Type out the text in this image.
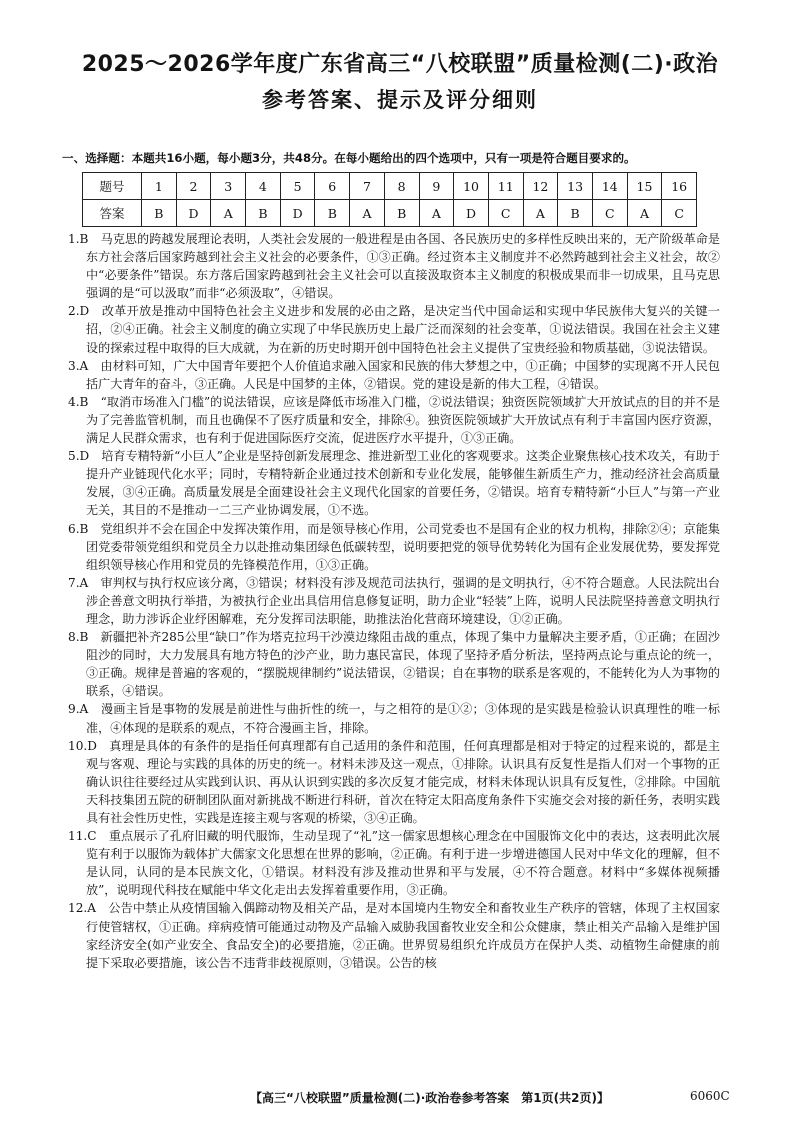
2025～2026学年度广东省高三“八校联盟”质量检测(二)·政治
参考答案、提示及评分细则
一、选择题：本题共16小题，每小题3分，共48分。在每小题给出的四个选项中，只有一项是符合题目要求的。
题号	1	2	3	4	5	6	7	8	9	10	11	12	13	14	15	16
答案	B	D	A	B	D	B	A	B	A	D	C	A	B	C	A	C

1.B　马克思的跨越发展理论表明，人类社会发展的一般进程是由各国、各民族历史的多样性反映出来的，无产阶级革命是东方社会落后国家跨越到社会主义社会的必要条件，①③正确。经过资本主义制度并不必然跨越到社会主义社会，故②中“必要条件”错误。东方落后国家跨越到社会主义社会可以直接汲取资本主义制度的积极成果而非一切成果，且马克思强调的是“可以汲取”而非“必须汲取”，④错误。

2.D　改革开放是推动中国特色社会主义进步和发展的必由之路，是决定当代中国命运和实现中华民族伟大复兴的关键一招，②④正确。社会主义制度的确立实现了中华民族历史上最广泛而深刻的社会变革，①说法错误。我国在社会主义建设的探索过程中取得的巨大成就，为在新的历史时期开创中国特色社会主义提供了宝贵经验和物质基础，③说法错误。

3.A　由材料可知，广大中国青年要把个人价值追求融入国家和民族的伟大梦想之中，①正确；中国梦的实现离不开人民包括广大青年的奋斗，③正确。人民是中国梦的主体，②错误。党的建设是新的伟大工程，④错误。

4.B　“取消市场准入门槛”的说法错误，应该是降低市场准入门槛，②说法错误；独资医院领域扩大开放试点的目的并不是为了完善监管机制，而且也确保不了医疗质量和安全，排除④。独资医院领域扩大开放试点有利于丰富国内医疗资源，满足人民群众需求，也有利于促进国际医疗交流，促进医疗水平提升，①③正确。

5.D　培育专精特新“小巨人”企业是坚持创新发展理念、推进新型工业化的客观要求。这类企业聚焦核心技术攻关，有助于提升产业链现代化水平；同时，专精特新企业通过技术创新和专业化发展，能够催生新质生产力，推动经济社会高质量发展，③④正确。高质量发展是全面建设社会主义现代化国家的首要任务，②错误。培育专精特新“小巨人”与第一产业无关，其目的不是推动一二三产业协调发展，①不选。

6.B　党组织并不会在国企中发挥决策作用，而是领导核心作用，公司党委也不是国有企业的权力机构，排除②④；京能集团党委带领党组织和党员全力以赴推动集团绿色低碳转型，说明要把党的领导优势转化为国有企业发展优势，要发挥党组织领导核心作用和党员的先锋模范作用，①③正确。

7.A　审判权与执行权应该分离，③错误；材料没有涉及规范司法执行，强调的是文明执行，④不符合题意。人民法院出台涉企善意文明执行举措，为被执行企业出具信用信息修复证明，助力企业“轻装”上阵，说明人民法院坚持善意文明执行理念，助力涉诉企业纾困解难，充分发挥司法职能，助推法治化营商环境建设，①②正确。

8.B　新疆把补齐285公里“缺口”作为塔克拉玛干沙漠边缘阻击战的重点，体现了集中力量解决主要矛盾，①正确；在固沙阻沙的同时，大力发展具有地方特色的沙产业，助力惠民富民，体现了坚持矛盾分析法，坚持两点论与重点论的统一，③正确。规律是普遍的客观的，“摆脱规律制约”说法错误，②错误；自在事物的联系是客观的，不能转化为人为事物的联系，④错误。

9.A　漫画主旨是事物的发展是前进性与曲折性的统一，与之相符的是①②；③体现的是实践是检验认识真理性的唯一标准，④体现的是联系的观点，不符合漫画主旨，排除。

10.D　真理是具体的有条件的是指任何真理都有自己适用的条件和范围，任何真理都是相对于特定的过程来说的，都是主观与客观、理论与实践的具体的历史的统一。材料未涉及这一观点，①排除。认识具有反复性是指人们对一个事物的正确认识往往要经过从实践到认识、再从认识到实践的多次反复才能完成，材料未体现认识具有反复性，②排除。中国航天科技集团五院的研制团队面对新挑战不断进行科研，首次在特定太阳高度角条件下实施交会对接的新任务，表明实践具有社会性历史性，实践是连接主观与客观的桥梁，③④正确。

11.C　重点展示了孔府旧藏的明代服饰，生动呈现了“礼”这一儒家思想核心理念在中国服饰文化中的表达，这表明此次展览有利于以服饰为载体扩大儒家文化思想在世界的影响，②正确。有利于进一步增进德国人民对中华文化的理解，但不是认同，认同的是本民族文化，①错误。材料没有涉及推动世界和平与发展，④不符合题意。材料中“多媒体视频播放”，说明现代科技在赋能中华文化走出去发挥着重要作用，③正确。

12.A　公告中禁止从疫情国输入偶蹄动物及相关产品，是对本国境内生物安全和畜牧业生产秩序的管辖，体现了主权国家行使管辖权，①正确。痒病疫情可能通过动物及产品输入威胁我国畜牧业安全和公众健康，禁止相关产品输入是维护国家经济安全(如产业安全、食品安全)的必要措施，②正确。世界贸易组织允许成员方在保护人类、动植物生命健康的前提下采取必要措施，该公告不违背非歧视原则，③错误。公告的核

【高三“八校联盟”质量检测(二)·政治卷参考答案　第1页(共2页)】	6060C
